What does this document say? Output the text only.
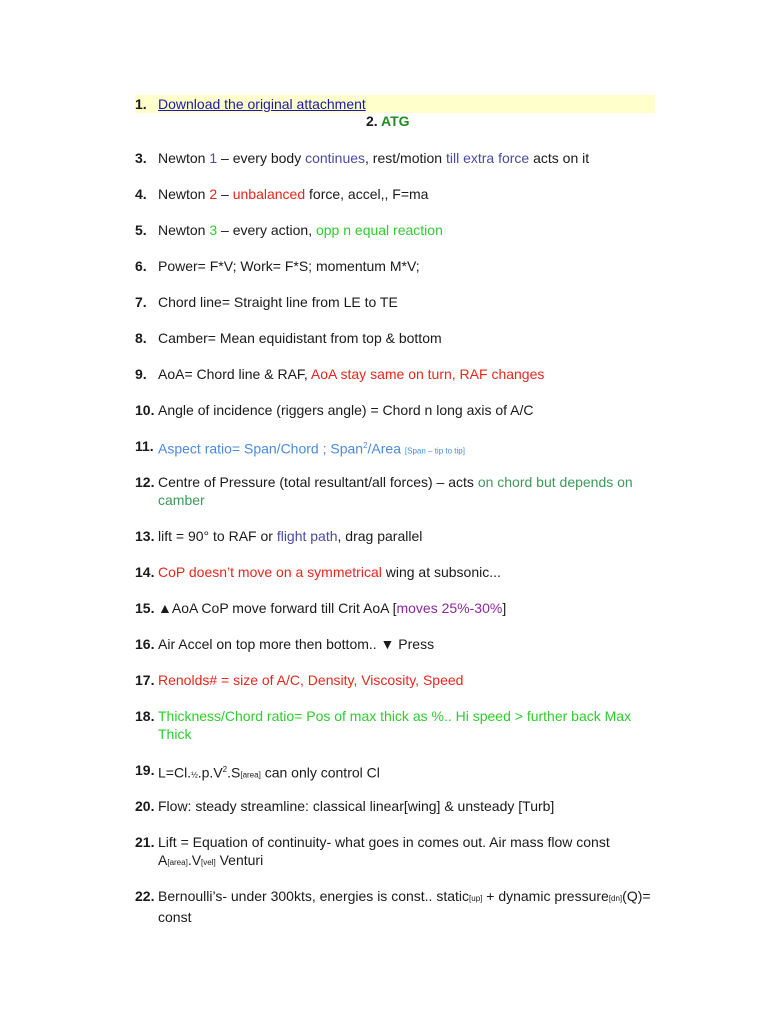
1. Download the original attachment
2. ATG
3. Newton 1 – every body continues, rest/motion till extra force acts on it
4. Newton 2 – unbalanced force, accel,, F=ma
5. Newton 3 – every action, opp n equal reaction
6. Power= F*V; Work= F*S; momentum M*V;
7. Chord line= Straight line from LE to TE
8. Camber= Mean equidistant from top & bottom
9. AoA= Chord line & RAF, AoA stay same on turn, RAF changes
10. Angle of incidence (riggers angle) = Chord n long axis of A/C
11. Aspect ratio= Span/Chord ; Span$^2$/Area [Span – tip to tip]
12. Centre of Pressure (total resultant/all forces) – acts on chord but depends on camber
13. lift = 90° to RAF or flight path, drag parallel
14. CoP doesn’t move on a symmetrical wing at subsonic...
15. ▲AoA CoP move forward till Crit AoA [moves 25%-30%]
16. Air Accel on top more then bottom.. ▼ Press
17. Renolds# = size of A/C, Density, Viscosity, Speed
18. Thickness/Chord ratio= Pos of max thick as %.. Hi speed > further back Max Thick
19. $L=Cl.\frac{1}{2}.p.V^2.S[area]$ can only control Cl
20. Flow: steady streamline: classical linear[wing] & unsteady [Turb]
21. Lift = Equation of continuity- what goes in comes out. Air mass flow const A[area].V[vel] Venturi
22. Bernoulli’s- under 300kts, energies is const.. static[up] + dynamic pressure[dn](Q)= const
